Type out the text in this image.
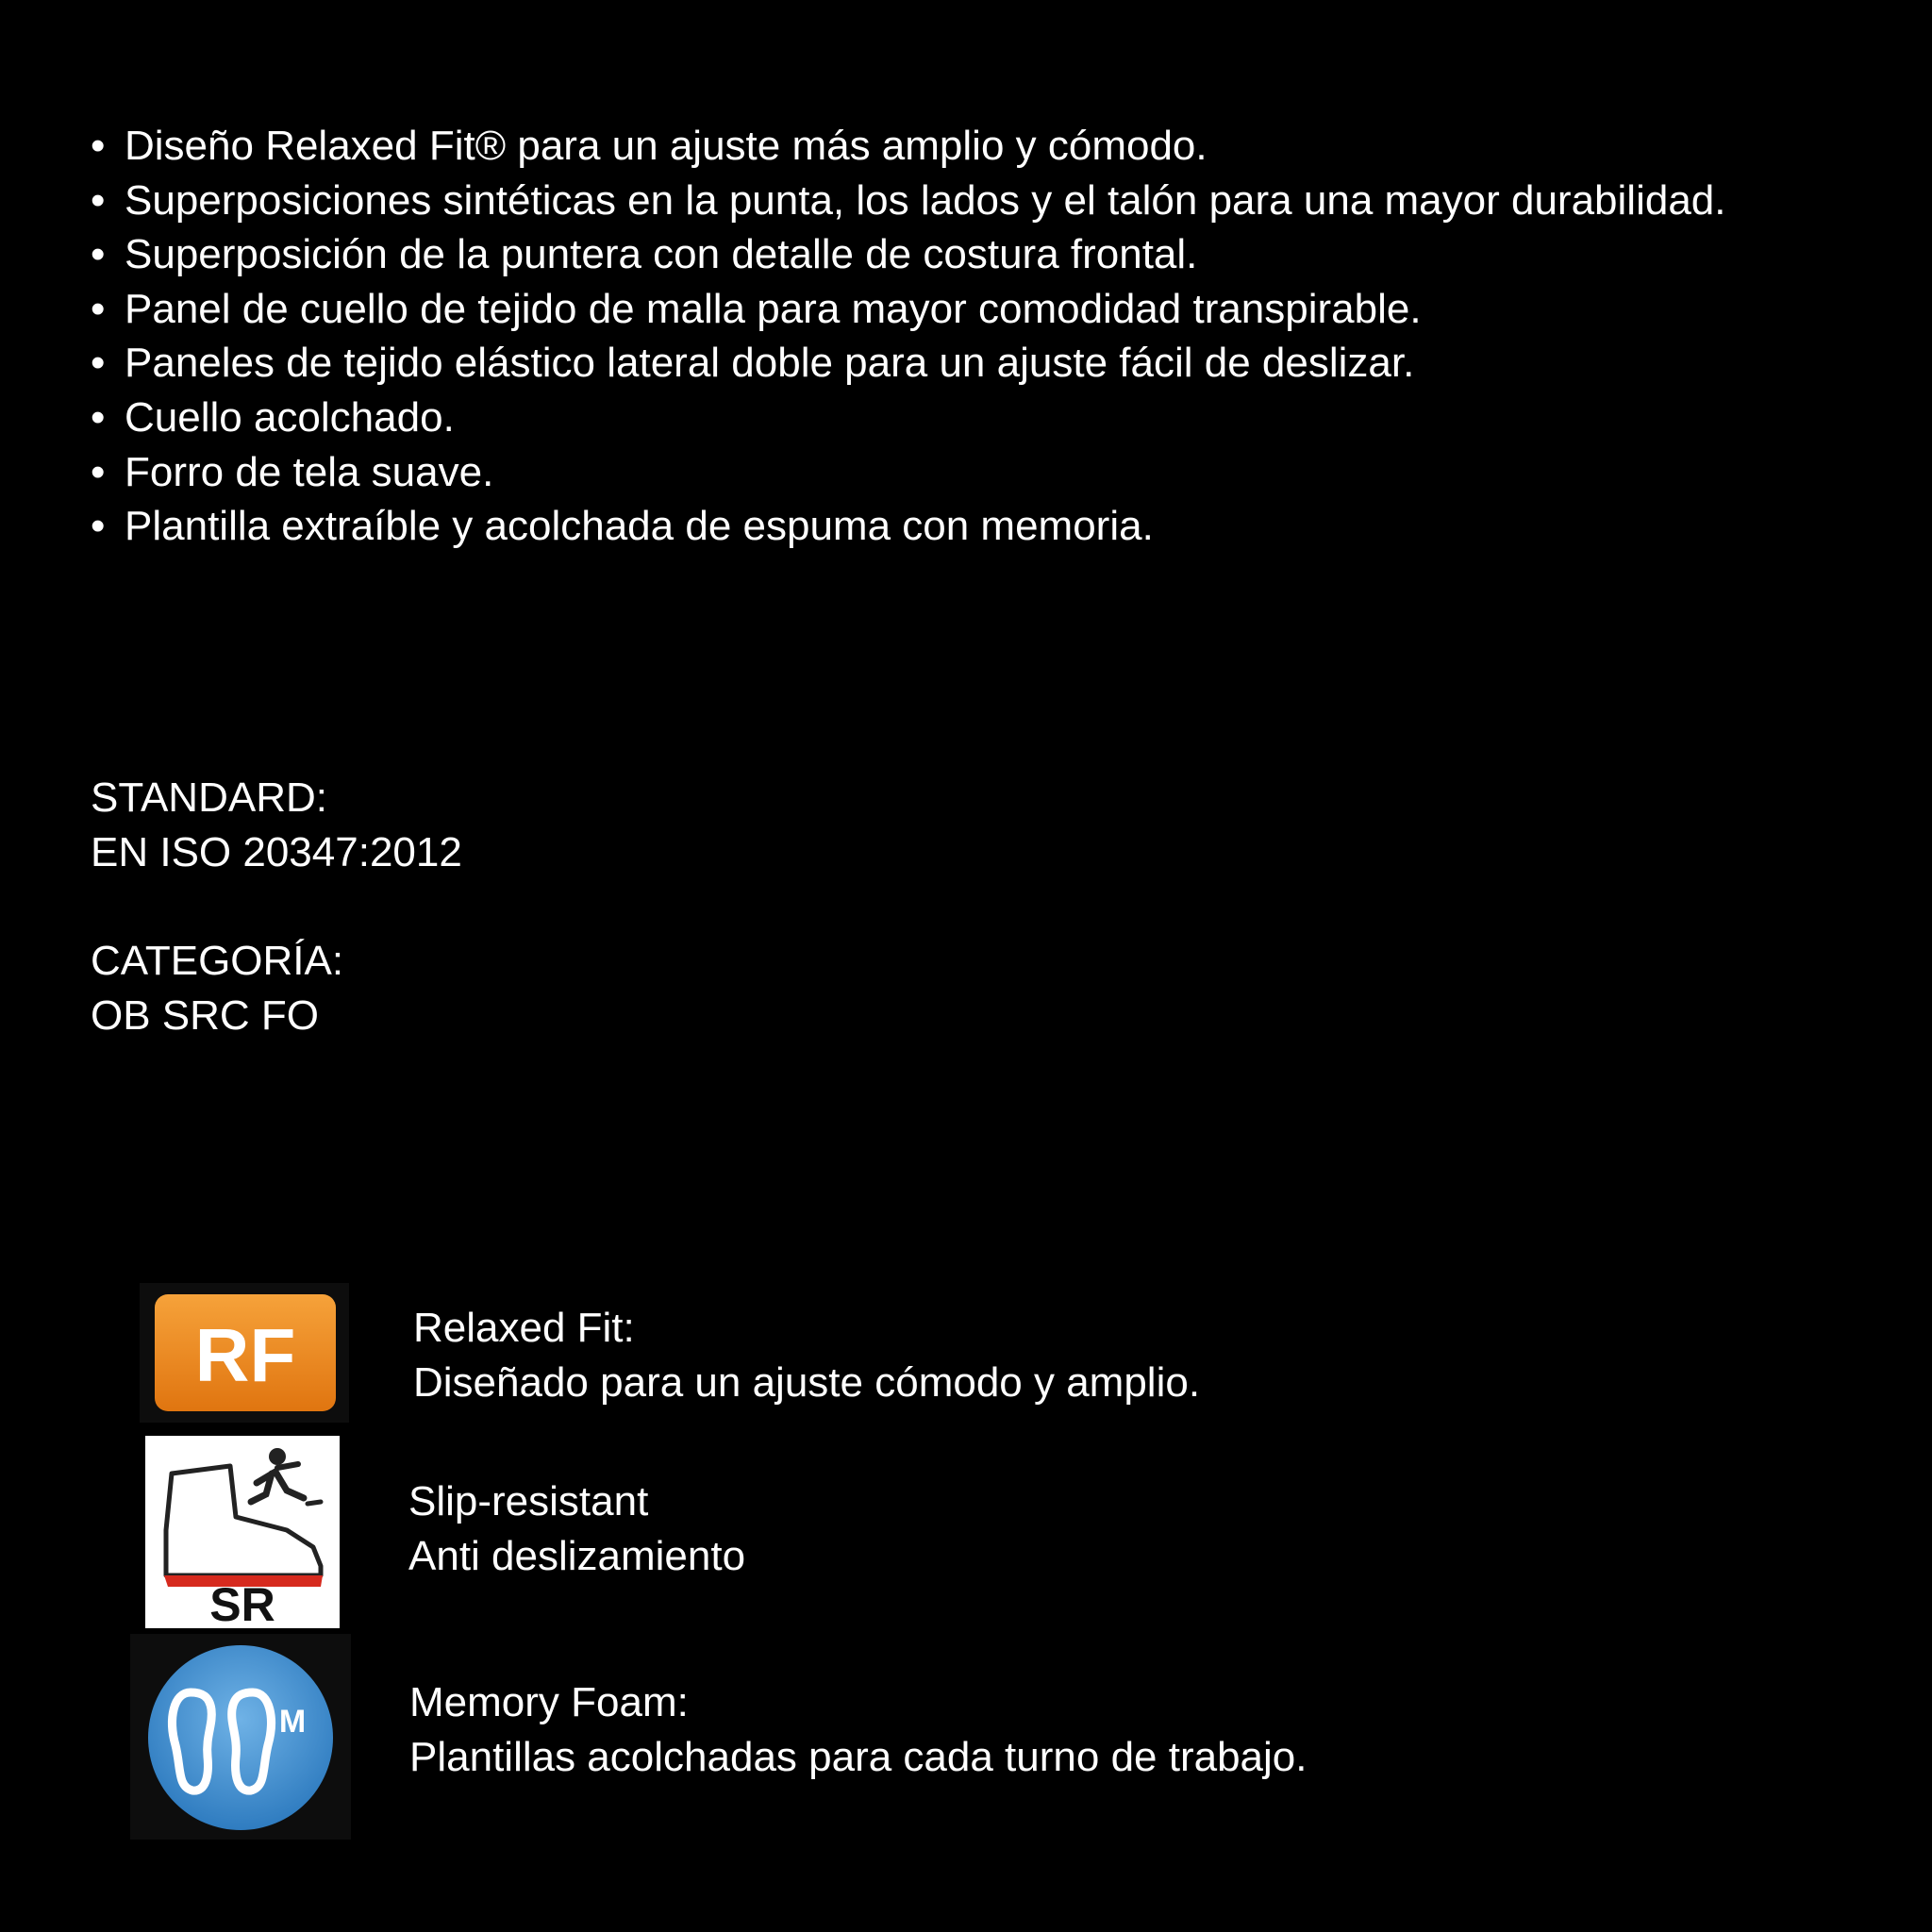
• Diseño Relaxed Fit® para un ajuste más amplio y cómodo.
• Superposiciones sintéticas en la punta, los lados y el talón para una mayor durabilidad.
• Superposición de la puntera con detalle de costura frontal.
• Panel de cuello de tejido de malla para mayor comodidad transpirable.
• Paneles de tejido elástico lateral doble para un ajuste fácil de deslizar.
• Cuello acolchado.
• Forro de tela suave.
• Plantilla extraíble y acolchada de espuma con memoria.
STANDARD:
EN ISO 20347:2012
CATEGORÍA:
OB SRC FO
RF	Relaxed Fit:
Diseñado para un ajuste cómodo y amplio.
SR
Slip-resistant
Anti deslizamiento
M Memory Foam:
Plantillas acolchadas para cada turno de trabajo.
